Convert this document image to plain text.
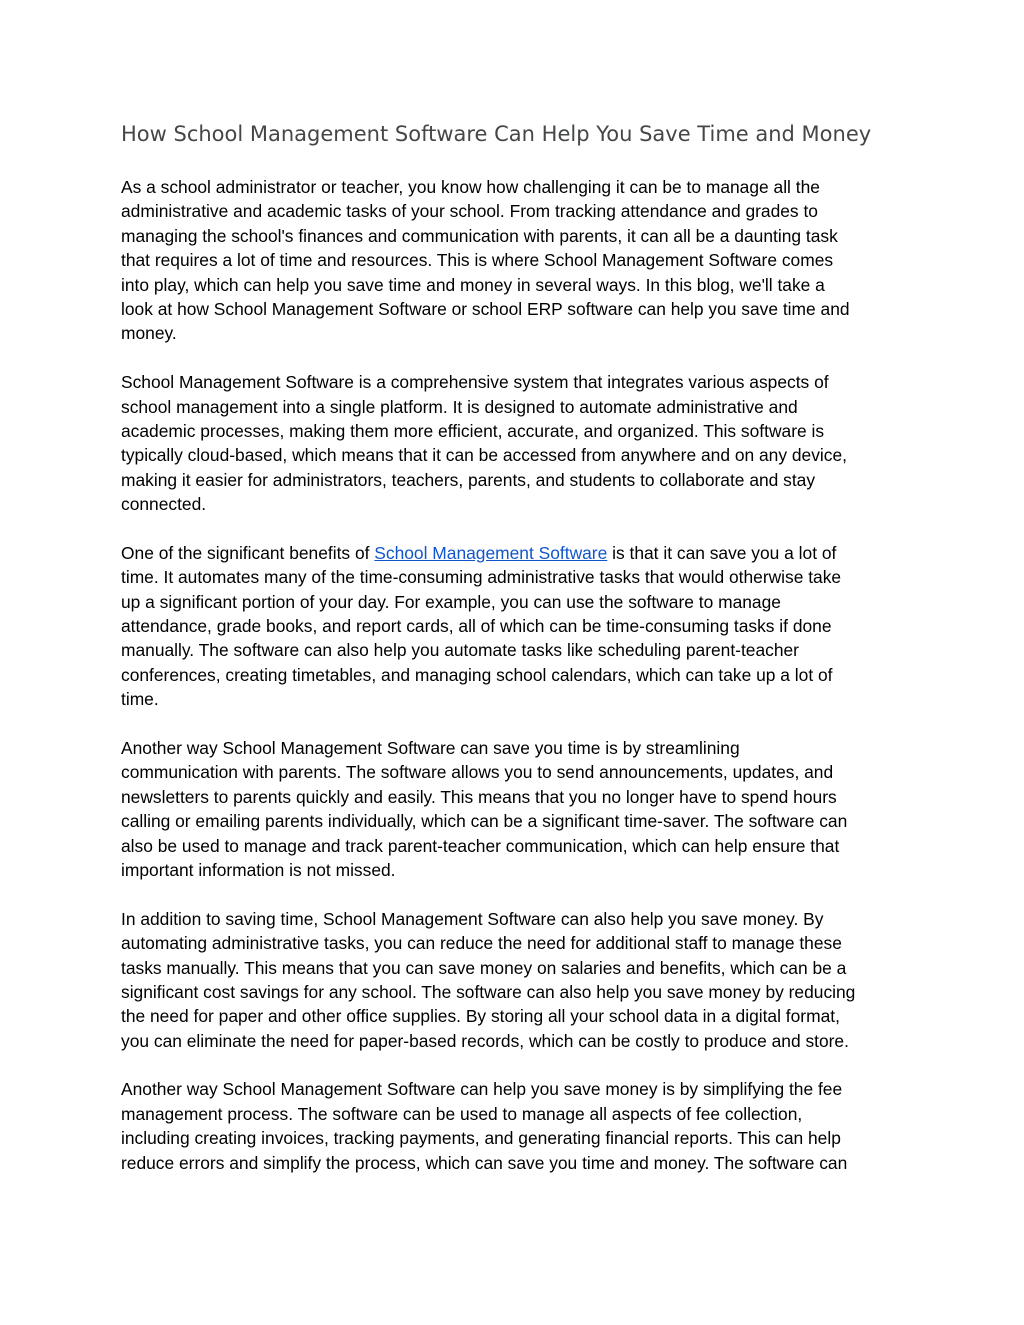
How School Management Software Can Help You Save Time and Money

As a school administrator or teacher, you know how challenging it can be to manage all the
administrative and academic tasks of your school. From tracking attendance and grades to
managing the school's finances and communication with parents, it can all be a daunting task
that requires a lot of time and resources. This is where School Management Software comes
into play, which can help you save time and money in several ways. In this blog, we'll take a
look at how School Management Software or school ERP software can help you save time and
money.

School Management Software is a comprehensive system that integrates various aspects of
school management into a single platform. It is designed to automate administrative and
academic processes, making them more efficient, accurate, and organized. This software is
typically cloud-based, which means that it can be accessed from anywhere and on any device,
making it easier for administrators, teachers, parents, and students to collaborate and stay
connected.

One of the significant benefits of School Management Software is that it can save you a lot of
time. It automates many of the time-consuming administrative tasks that would otherwise take
up a significant portion of your day. For example, you can use the software to manage
attendance, grade books, and report cards, all of which can be time-consuming tasks if done
manually. The software can also help you automate tasks like scheduling parent-teacher
conferences, creating timetables, and managing school calendars, which can take up a lot of
time.

Another way School Management Software can save you time is by streamlining
communication with parents. The software allows you to send announcements, updates, and
newsletters to parents quickly and easily. This means that you no longer have to spend hours
calling or emailing parents individually, which can be a significant time-saver. The software can
also be used to manage and track parent-teacher communication, which can help ensure that
important information is not missed.

In addition to saving time, School Management Software can also help you save money. By
automating administrative tasks, you can reduce the need for additional staff to manage these
tasks manually. This means that you can save money on salaries and benefits, which can be a
significant cost savings for any school. The software can also help you save money by reducing
the need for paper and other office supplies. By storing all your school data in a digital format,
you can eliminate the need for paper-based records, which can be costly to produce and store.

Another way School Management Software can help you save money is by simplifying the fee
management process. The software can be used to manage all aspects of fee collection,
including creating invoices, tracking payments, and generating financial reports. This can help
reduce errors and simplify the process, which can save you time and money. The software can
